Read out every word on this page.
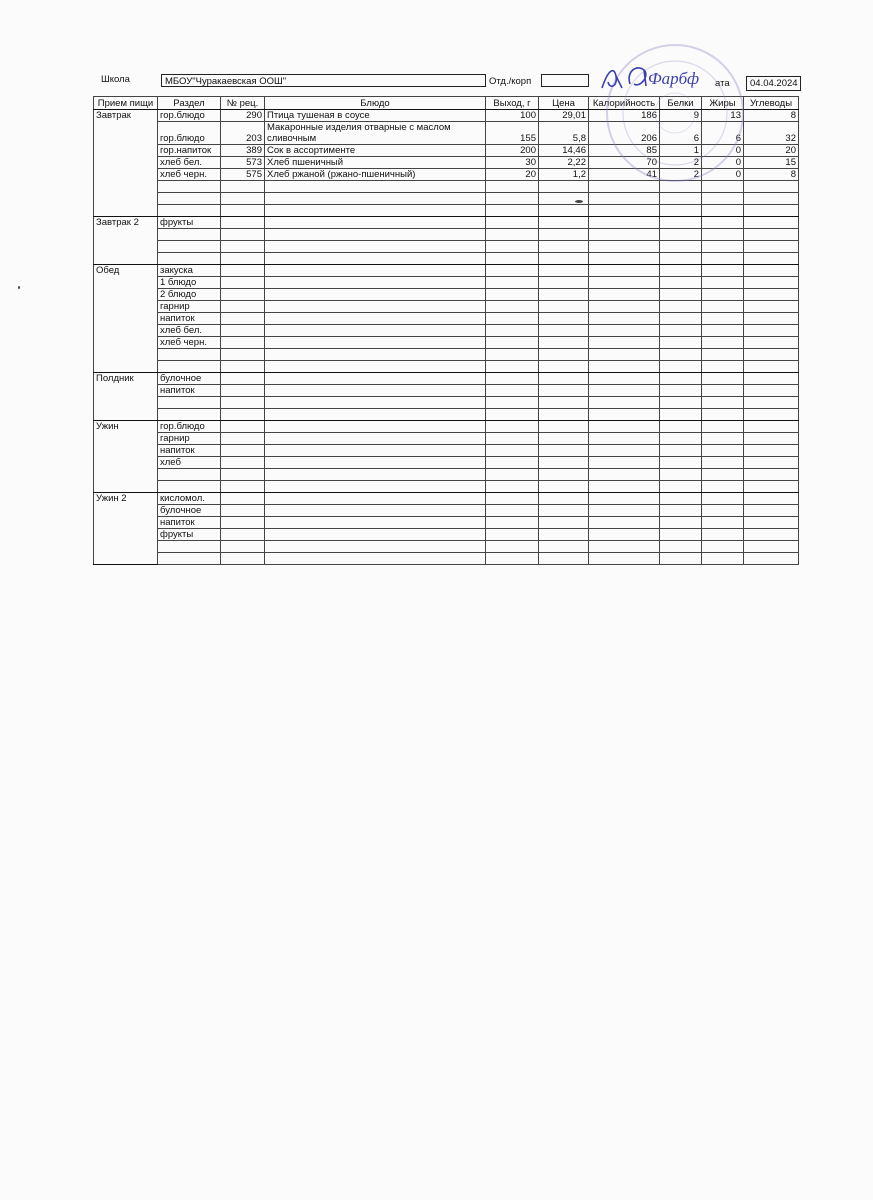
Школа	МБОУ"Чуракаевская ООШ"	Отд./корп	ата	04.04.2024
Прием пищи	Раздел	№ рец.	Блюдо	Выход, г	Цена	Калорийность	Белки	Жиры	Углеводы
Завтрак	гор.блюдо	290	Птица тушеная в соусе	100	29,01	186	9	13	8
	гор.блюдо	203	Макаронные изделия отварные с маслом сливочным	155	5,8	206	6	6	32
	гор.напиток	389	Сок в ассортименте	200	14,46	85	1	0	20
	хлеб бел.	573	Хлеб пшеничный	30	2,22	70	2	0	15
	хлеб черн.	575	Хлеб ржаной (ржано-пшеничный)	20	1,2	41	2	0	8

Завтрак 2	фрукты								

Обед	закуска								
	1 блюдо								
	2 блюдо								
	гарнир								
	напиток								
	хлеб бел.								
	хлеб черн.								

Полдник	булочное								
	напиток								

Ужин	гор.блюдо								
	гарнир								
	напиток								
	хлеб								

Ужин 2	кисломол.								
	булочное								
	напиток								
	фрукты								

Фарбф
